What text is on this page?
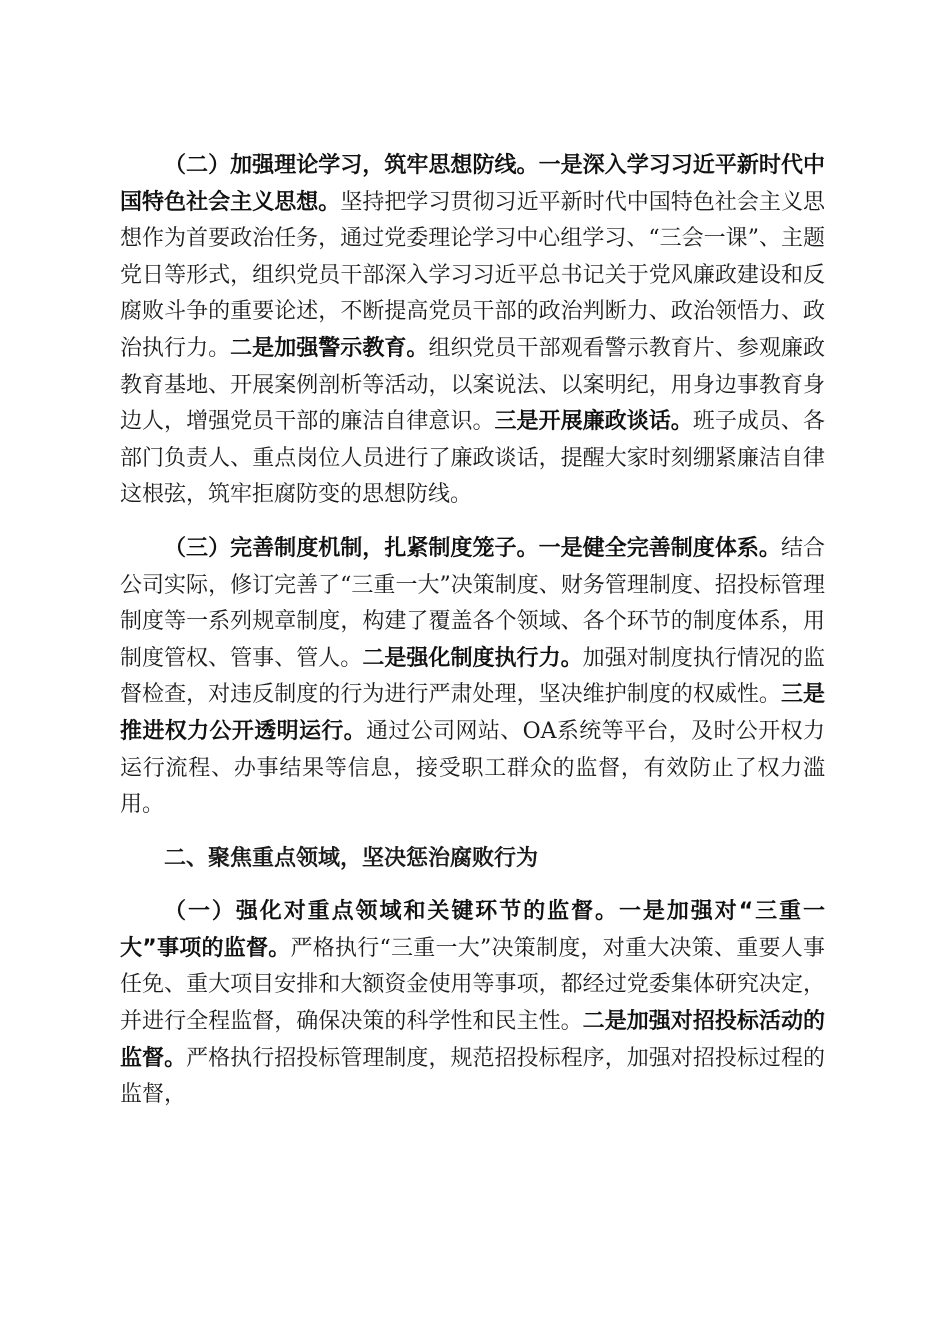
（二）加强理论学习，筑牢思想防线。一是深入学习习近平新时代中国特色社会主义思想。坚持把学习贯彻习近平新时代中国特色社会主义思想作为首要政治任务，通过党委理论学习中心组学习、“三会一课”、主题党日等形式，组织党员干部深入学习习近平总书记关于党风廉政建设和反腐败斗争的重要论述，不断提高党员干部的政治判断力、政治领悟力、政治执行力。二是加强警示教育。组织党员干部观看警示教育片、参观廉政教育基地、开展案例剖析等活动，以案说法、以案明纪，用身边事教育身边人，增强党员干部的廉洁自律意识。三是开展廉政谈话。班子成员、各部门负责人、重点岗位人员进行了廉政谈话，提醒大家时刻绷紧廉洁自律这根弦，筑牢拒腐防变的思想防线。

（三）完善制度机制，扎紧制度笼子。一是健全完善制度体系。结合公司实际，修订完善了“三重一大”决策制度、财务管理制度、招投标管理制度等一系列规章制度，构建了覆盖各个领域、各个环节的制度体系，用制度管权、管事、管人。二是强化制度执行力。加强对制度执行情况的监督检查，对违反制度的行为进行严肃处理，坚决维护制度的权威性。三是推进权力公开透明运行。通过公司网站、OA系统等平台，及时公开权力运行流程、办事结果等信息，接受职工群众的监督，有效防止了权力滥用。

二、聚焦重点领域，坚决惩治腐败行为

（一）强化对重点领域和关键环节的监督。一是加强对“三重一大”事项的监督。严格执行“三重一大”决策制度，对重大决策、重要人事任免、重大项目安排和大额资金使用等事项，都经过党委集体研究决定，并进行全程监督，确保决策的科学性和民主性。二是加强对招投标活动的监督。严格执行招投标管理制度，规范招投标程序，加强对招投标过程的监督，
